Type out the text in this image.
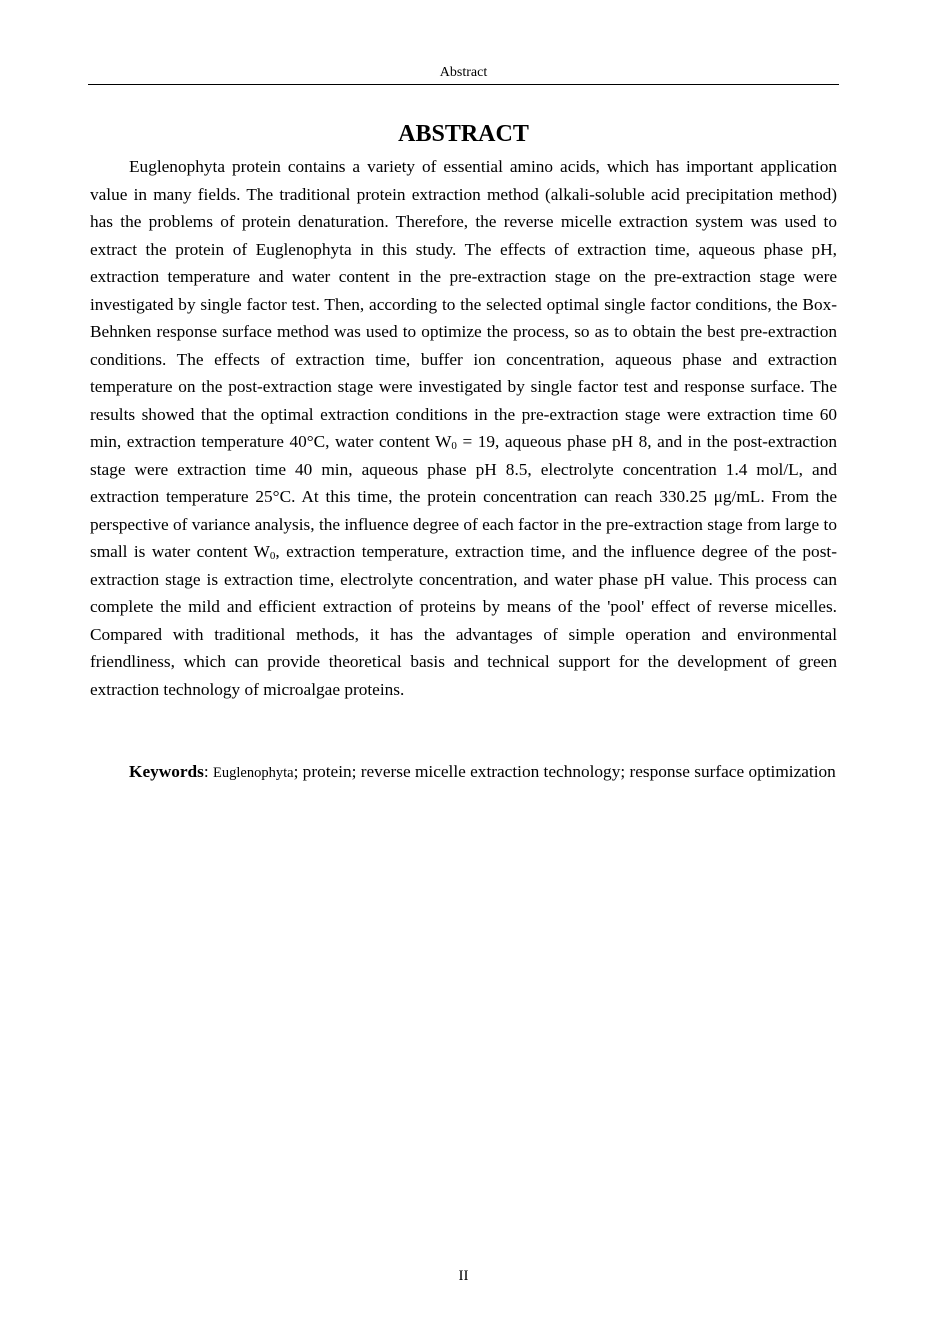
Abstract
ABSTRACT

Euglenophyta protein contains a variety of essential amino acids, which has important application value in many fields. The traditional protein extraction method (alkali-soluble acid precipitation method) has the problems of protein denaturation. Therefore, the reverse micelle extraction system was used to extract the protein of Euglenophyta in this study. The effects of extraction time, aqueous phase pH, extraction temperature and water content in the pre-extraction stage on the pre-extraction stage were investigated by single factor test. Then, according to the selected optimal single factor conditions, the Box-Behnken response surface method was used to optimize the process, so as to obtain the best pre-extraction conditions. The effects of extraction time, buffer ion concentration, aqueous phase and extraction temperature on the post-extraction stage were investigated by single factor test and response surface. The results showed that the optimal extraction conditions in the pre-extraction stage were extraction time 60 min, extraction temperature 40°C, water content $W_0 = 19$, aqueous phase pH 8, and in the post-extraction stage were extraction time 40 min, aqueous phase pH 8.5, electrolyte concentration 1.4 mol/L, and extraction temperature 25°C. At this time, the protein concentration can reach 330.25 μg/mL. From the perspective of variance analysis, the influence degree of each factor in the pre-extraction stage from large to small is water content $W_0$, extraction temperature, extraction time, and the influence degree of the post-extraction stage is extraction time, electrolyte concentration, and water phase pH value. This process can complete the mild and efficient extraction of proteins by means of the 'pool' effect of reverse micelles. Compared with traditional methods, it has the advantages of simple operation and environmental friendliness, which can provide theoretical basis and technical support for the development of green extraction technology of microalgae proteins.

Keywords: Euglenophyta; protein; reverse micelle extraction technology; response surface optimization

II
